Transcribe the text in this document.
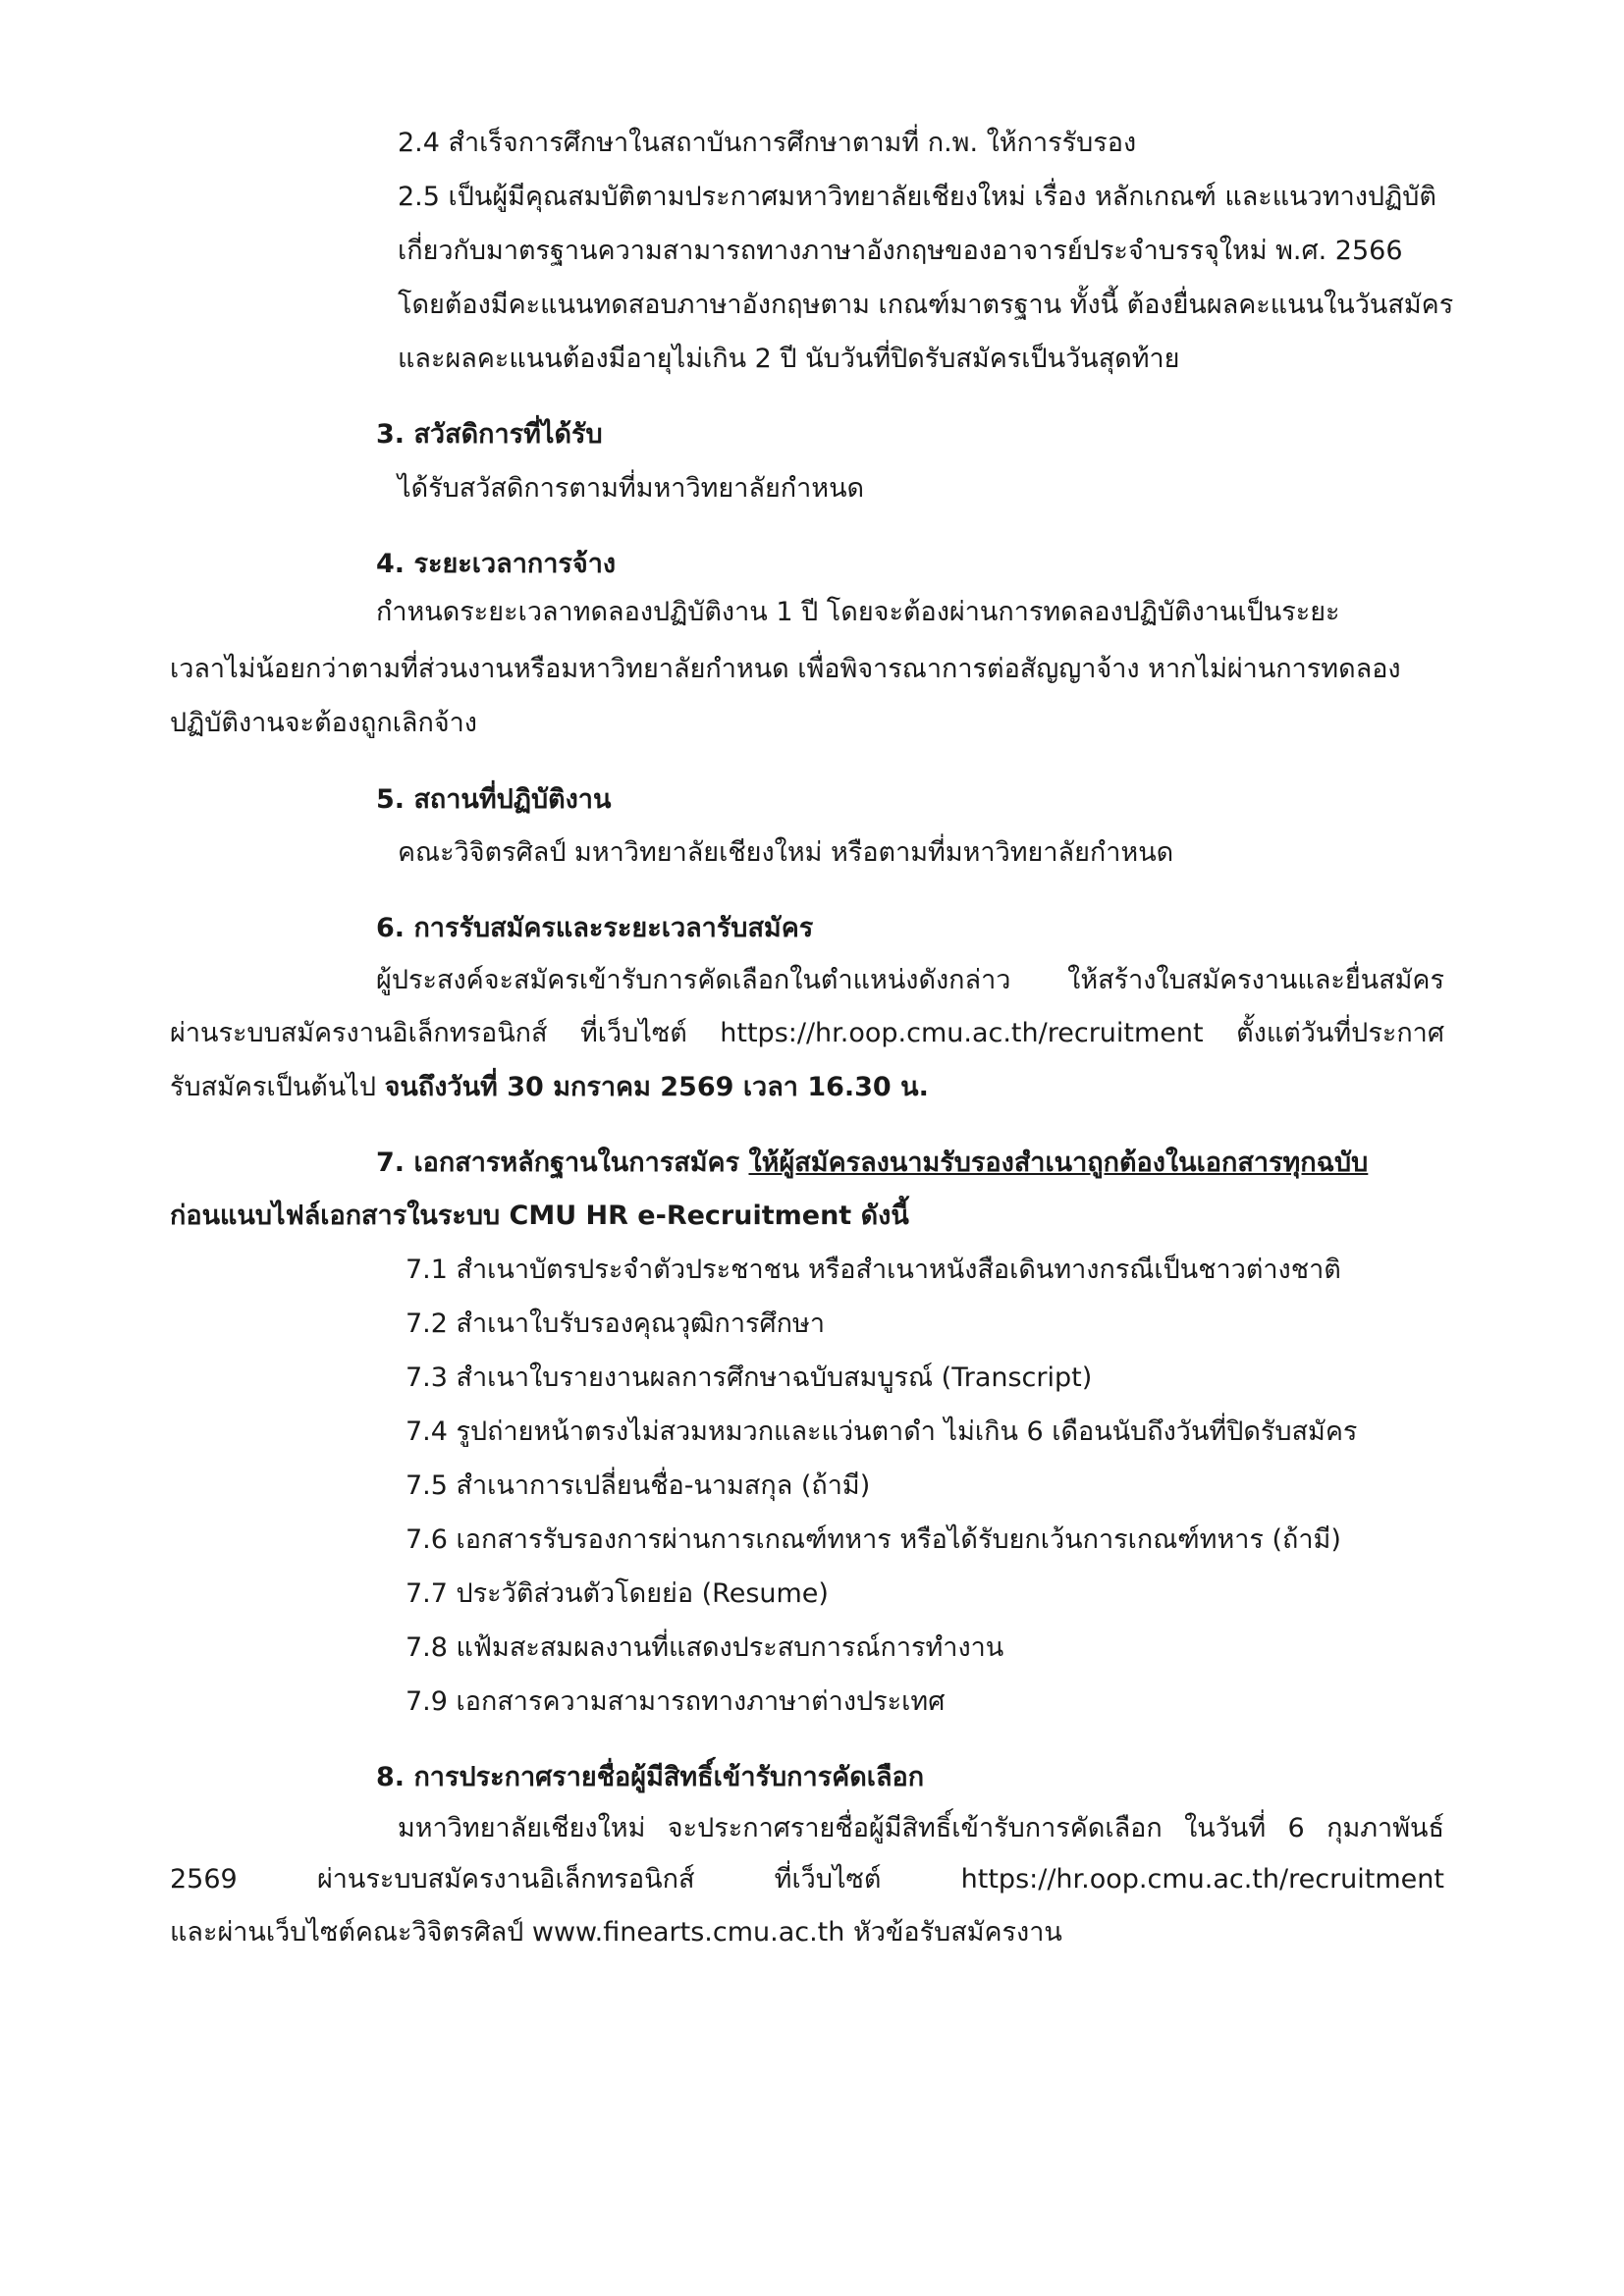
2.4 สำเร็จการศึกษาในสถาบันการศึกษาตามที่ ก.พ. ให้การรับรอง
2.5 เป็นผู้มีคุณสมบัติตามประกาศมหาวิทยาลัยเชียงใหม่ เรื่อง หลักเกณฑ์ และแนวทางปฏิบัติ
เกี่ยวกับมาตรฐานความสามารถทางภาษาอังกฤษของอาจารย์ประจำบรรจุใหม่ พ.ศ. 2566
โดยต้องมีคะแนนทดสอบภาษาอังกฤษตาม เกณฑ์มาตรฐาน ทั้งนี้ ต้องยื่นผลคะแนนในวันสมัคร
และผลคะแนนต้องมีอายุไม่เกิน 2 ปี นับวันที่ปิดรับสมัครเป็นวันสุดท้าย
3. สวัสดิการที่ได้รับ
ได้รับสวัสดิการตามที่มหาวิทยาลัยกำหนด
4. ระยะเวลาการจ้าง
กำหนดระยะเวลาทดลองปฏิบัติงาน 1 ปี โดยจะต้องผ่านการทดลองปฏิบัติงานเป็นระยะ
เวลาไม่น้อยกว่าตามที่ส่วนงานหรือมหาวิทยาลัยกำหนด เพื่อพิจารณาการต่อสัญญาจ้าง หากไม่ผ่านการทดลอง
ปฏิบัติงานจะต้องถูกเลิกจ้าง
5. สถานที่ปฏิบัติงาน
คณะวิจิตรศิลป์ มหาวิทยาลัยเชียงใหม่ หรือตามที่มหาวิทยาลัยกำหนด
6. การรับสมัครและระยะเวลารับสมัคร
ผู้ประสงค์จะสมัครเข้ารับการคัดเลือกในตำแหน่งดังกล่าว ให้สร้างใบสมัครงานและยื่นสมัคร
ผ่านระบบสมัครงานอิเล็กทรอนิกส์ ที่เว็บไซต์ https://hr.oop.cmu.ac.th/recruitment ตั้งแต่วันที่ประกาศ
รับสมัครเป็นต้นไป จนถึงวันที่ 30 มกราคม 2569 เวลา 16.30 น.
7. เอกสารหลักฐานในการสมัคร ให้ผู้สมัครลงนามรับรองสำเนาถูกต้องในเอกสารทุกฉบับ
ก่อนแนบไฟล์เอกสารในระบบ CMU HR e-Recruitment ดังนี้
7.1 สำเนาบัตรประจำตัวประชาชน หรือสำเนาหนังสือเดินทางกรณีเป็นชาวต่างชาติ
7.2 สำเนาใบรับรองคุณวุฒิการศึกษา
7.3 สำเนาใบรายงานผลการศึกษาฉบับสมบูรณ์ (Transcript)
7.4 รูปถ่ายหน้าตรงไม่สวมหมวกและแว่นตาดำ ไม่เกิน 6 เดือนนับถึงวันที่ปิดรับสมัคร
7.5 สำเนาการเปลี่ยนชื่อ-นามสกุล (ถ้ามี)
7.6 เอกสารรับรองการผ่านการเกณฑ์ทหาร หรือได้รับยกเว้นการเกณฑ์ทหาร (ถ้ามี)
7.7 ประวัติส่วนตัวโดยย่อ (Resume)
7.8 แฟ้มสะสมผลงานที่แสดงประสบการณ์การทำงาน
7.9 เอกสารความสามารถทางภาษาต่างประเทศ
8. การประกาศรายชื่อผู้มีสิทธิ์เข้ารับการคัดเลือก
มหาวิทยาลัยเชียงใหม่ จะประกาศรายชื่อผู้มีสิทธิ์เข้ารับการคัดเลือก ในวันที่ 6 กุมภาพันธ์
2569	ผ่านระบบสมัครงานอิเล็กทรอนิกส์	ที่เว็บไซต์	https://hr.oop.cmu.ac.th/recruitment
และผ่านเว็บไซต์คณะวิจิตรศิลป์ www.finearts.cmu.ac.th หัวข้อรับสมัครงาน
